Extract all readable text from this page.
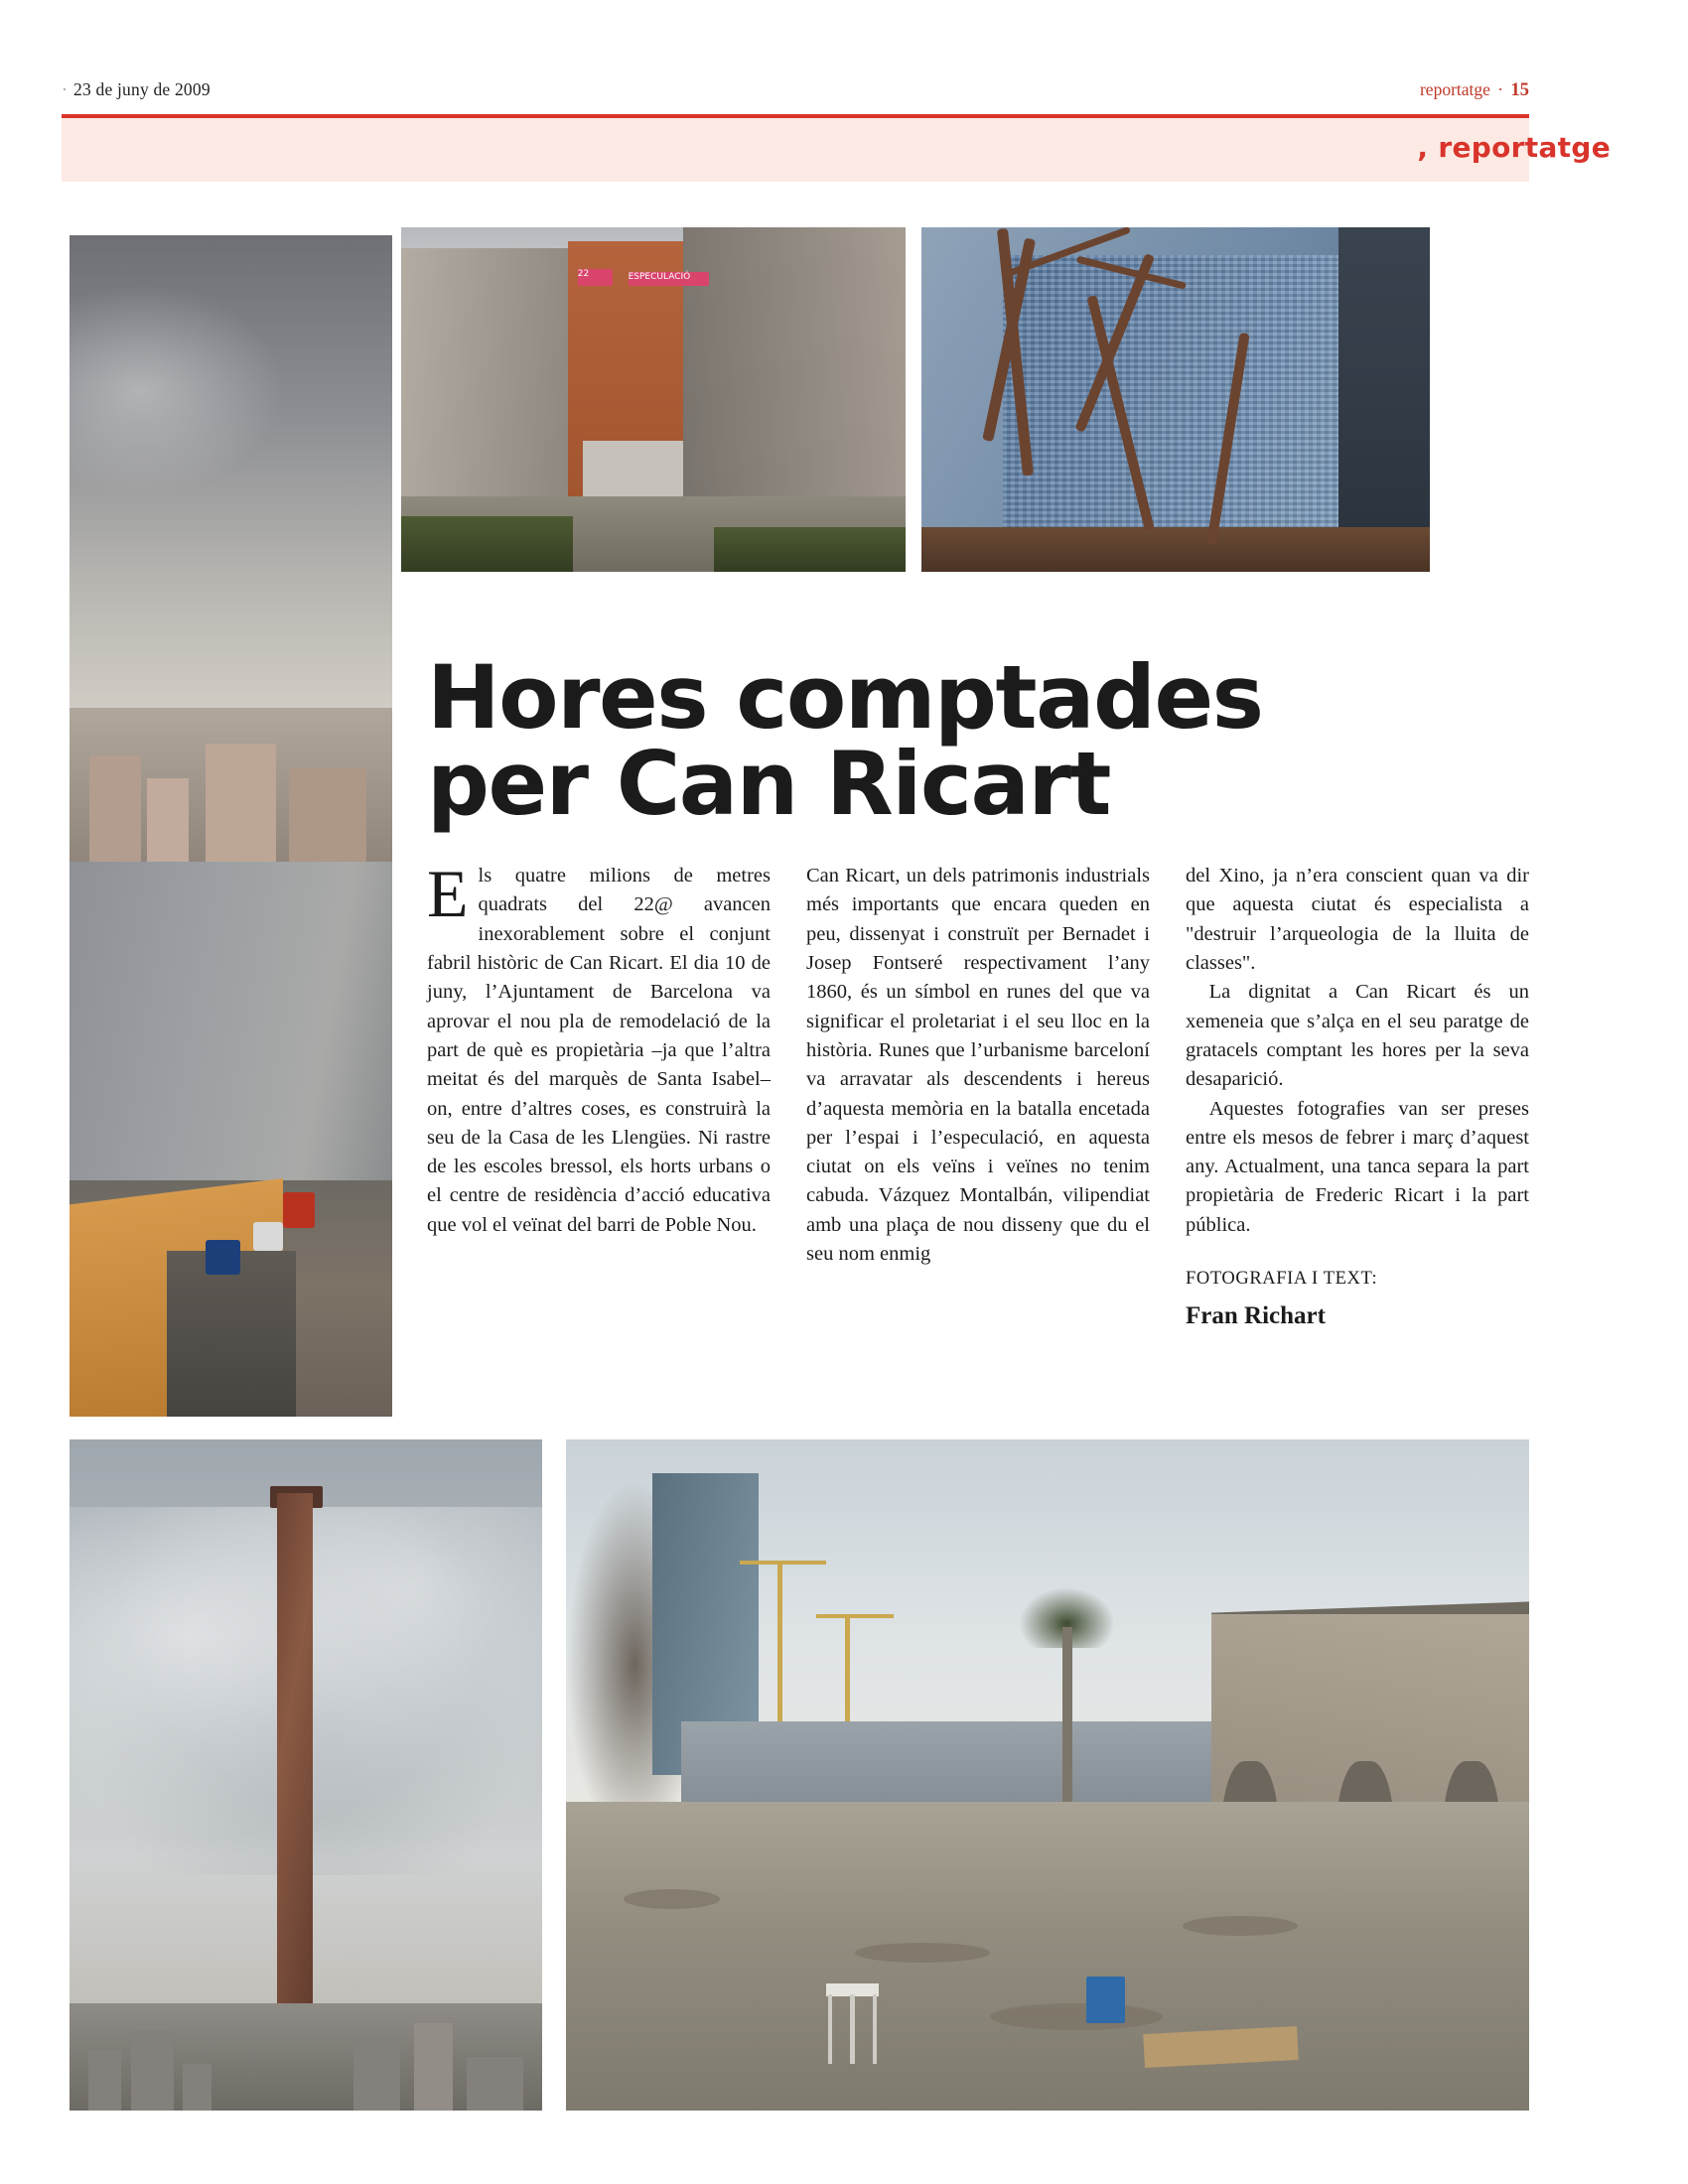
· 23 de juny de 2009	reportatge · 15
, reportatge
22	ESPECULACIÓ
Hores comptades
per Can Ricart
E ls quatre milions de metres quadrats del 22@ avancen inexorablement sobre el conjunt fabril històric de Can Ricart. El dia 10 de juny, l’Ajuntament de Barcelona va aprovar el nou pla de remodelació de la part de què es propietària –ja que l’altra meitat és del marquès de Santa Isabel– on, entre d’altres coses, es construirà la seu de la Casa de les Llengües. Ni rastre de les escoles bressol, els horts urbans o el centre de residència d’acció educativa que vol el veïnat del barri de Poble Nou.

Can Ricart, un dels patrimonis industrials més importants que encara queden en peu, dissenyat i construït per Bernadet i Josep Fontseré respectivament l’any 1860, és un símbol en runes del que va significar el proletariat i el seu lloc en la història. Runes que l’urbanisme barceloní va arravatar als descendents i hereus d’aquesta memòria en la batalla encetada per l’espai i l’especulació, en aquesta ciutat on els veïns i veïnes no tenim cabuda. Vázquez Montalbán, vilipendiat amb una plaça de nou disseny que du el seu nom enmig

del Xino, ja n’era conscient quan va dir que aquesta ciutat és especialista a "destruir l’arqueologia de la lluita de classes".

La dignitat a Can Ricart és un xemeneia que s’alça en el seu paratge de gratacels comptant les hores per la seva desaparició.

Aquestes fotografies van ser preses entre els mesos de febrer i març d’aquest any. Actualment, una tanca separa la part propietària de Frederic Ricart i la part pública.

FOTOGRAFIA I TEXT:
Fran Richart
